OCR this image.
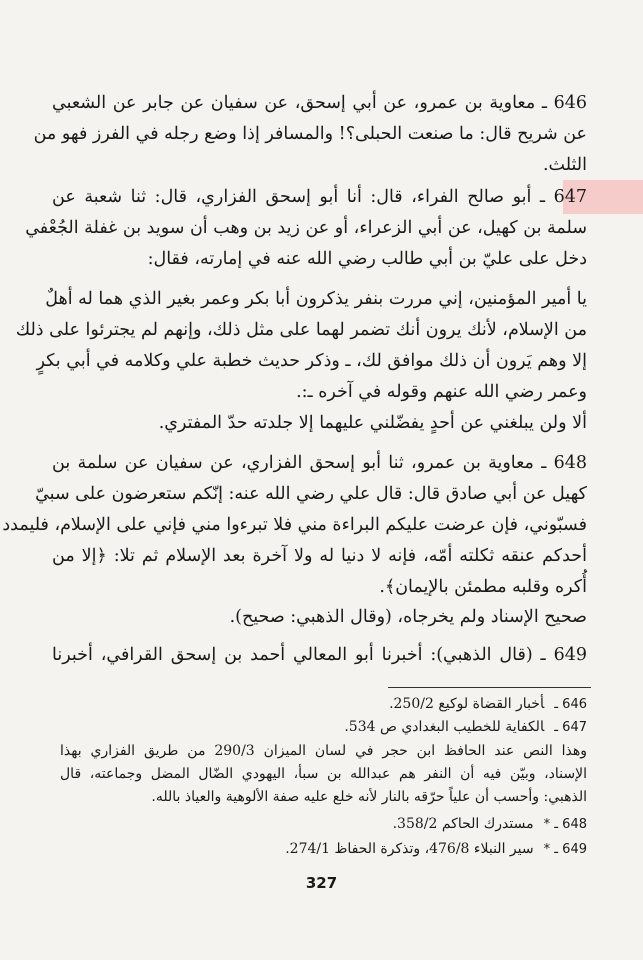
646 ـ معاوية بن عمرو، عن أبي إسحق، عن سفيان عن جابر عن الشعبي
عن شريح قال: ما صنعت الحبلى؟! والمسافر إذا وضع رجله في الفرز فهو من
الثلث.
647 ـ أبو صالح الفراء، قال: أنا أبو إسحق الفزاري، قال: ثنا شعبة عن
سلمة بن كهيل، عن أبي الزعراء، أو عن زيد بن وهب أن سويد بن غفلة الجُعْفي
دخل على عليّ بن أبي طالب رضي الله عنه في إمارته، فقال:
يا أمير المؤمنين، إني مررت بنفر يذكرون أبا بكر وعمر بغير الذي هما له أهلٌ
من الإسلام، لأنك يرون أنك تضمر لهما على مثل ذلك، وإنهم لم يجترئوا على ذلك
إلا وهم يَرون أن ذلك موافق لك، ـ وذكر حديث خطبة علي وكلامه في أبي بكرٍ
وعمر رضي الله عنهم وقوله في آخره ـ:.
ألا ولن يبلغني عن أحدٍ يفضّلني عليهما إلا جلدته حدّ المفتري.
648 ـ معاوية بن عمرو، ثنا أبو إسحق الفزاري، عن سفيان عن سلمة بن
كهيل عن أبي صادق قال: قال علي رضي الله عنه: إنّكم ستعرضون على سبيّ
فسبّوني، فإن عرضت عليكم البراءة مني فلا تبرءوا مني فإني على الإسلام، فليمدد
أحدكم عنقه ثكلته أمّه، فإنه لا دنيا له ولا آخرة بعد الإسلام ثم تلا: ﴿إلا من
أُكره وقلبه مطمئن بالإيمان﴾.
صحيح الإسناد ولم يخرجاه، (وقال الذهبي: صحيح).
649 ـ (قال الذهبي): أخبرنا أبو المعالي أحمد بن إسحق القرافي، أخبرنا
646 ـأخبار القضاة لوكيع 250/2.
647 ـالكفاية للخطيب البغدادي ص 534.
وهذا النص عند الحافظ ابن حجر في لسان الميزان 290/3 من طريق الفزاري بهذا
الإسناد، وبيّن فيه أن النفر هم عبدالله بن سبأ، اليهودي الضّال المضل وجماعته، قال
الذهبي: وأحسب أن علياً حرّقه بالنار لأنه خلع عليه صفة الألوهية والعياذ بالله.
648 ـ *مستدرك الحاكم 358/2.
649 ـ *سير النبلاء 476/8، وتذكرة الحفاظ 274/1.
327
